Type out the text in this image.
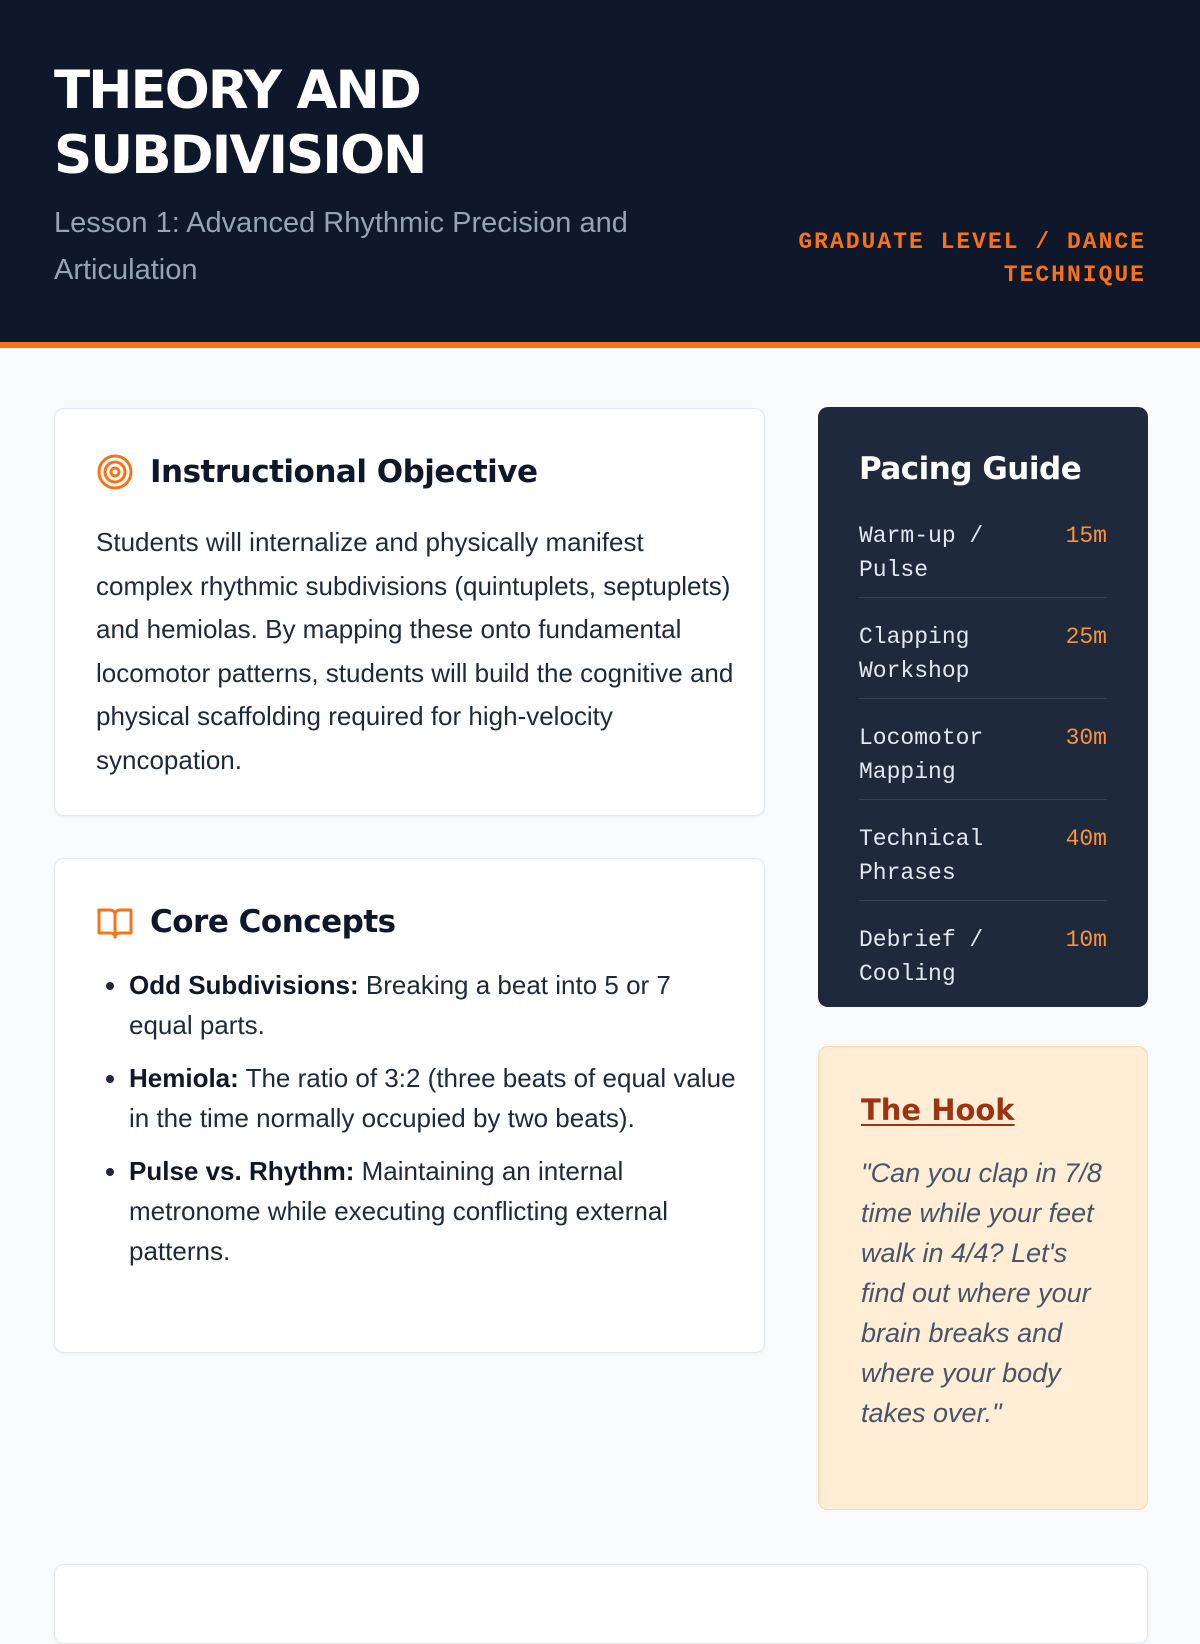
THEORY AND SUBDIVISION
Lesson 1: Advanced Rhythmic Precision and Articulation
GRADUATE LEVEL / DANCE TECHNIQUE
Instructional Objective

Students will internalize and physically manifest complex rhythmic subdivisions (quintuplets, septuplets) and hemiolas. By mapping these onto fundamental locomotor patterns, students will build the cognitive and physical scaffolding required for high-velocity syncopation.

Core Concepts
• Odd Subdivisions: Breaking a beat into 5 or 7 equal parts.
• Hemiola: The ratio of 3:2 (three beats of equal value in the time normally occupied by two beats).
• Pulse vs. Rhythm: Maintaining an internal metronome while executing conflicting external patterns.
Pacing Guide
Warm-up / Pulse
15m
Clapping Workshop
25m
Locomotor Mapping
30m
Technical Phrases
40m
Debrief / Cooling
10m
The Hook

"Can you clap in 7/8 time while your feet walk in 4/4? Let's find out where your brain breaks and where your body takes over."
